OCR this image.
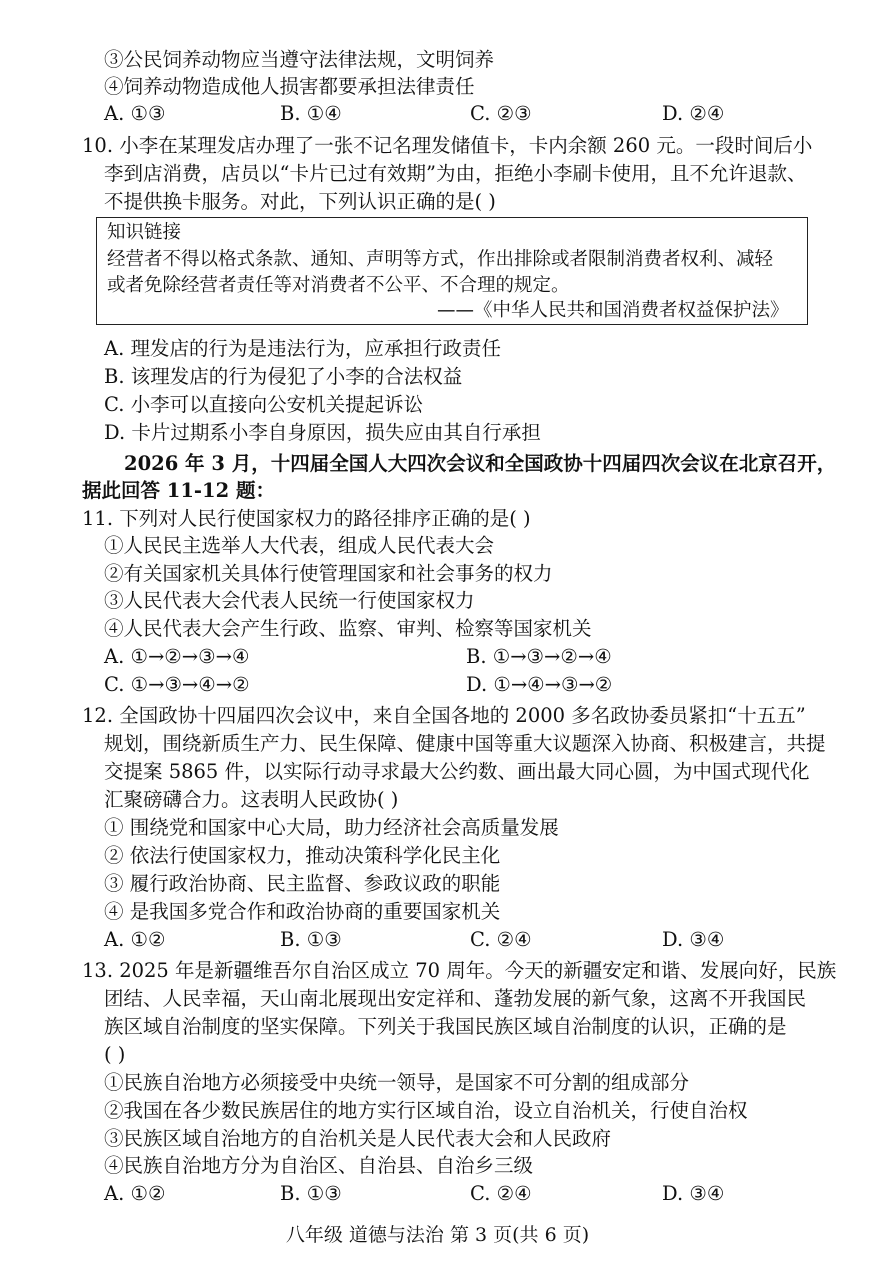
③公民饲养动物应当遵守法律法规，文明饲养
④饲养动物造成他人损害都要承担法律责任
A. ①③	B. ①④	C. ②③	D. ②④
10. 小李在某理发店办理了一张不记名理发储值卡，卡内余额 260 元。一段时间后小
李到店消费，店员以“卡片已过有效期”为由，拒绝小李刷卡使用，且不允许退款、
不提供换卡服务。对此，下列认识正确的是( )
知识链接
经营者不得以格式条款、通知、声明等方式，作出排除或者限制消费者权利、减轻
或者免除经营者责任等对消费者不公平、不合理的规定。
——《中华人民共和国消费者权益保护法》
A. 理发店的行为是违法行为，应承担行政责任
B. 该理发店的行为侵犯了小李的合法权益
C. 小李可以直接向公安机关提起诉讼
D. 卡片过期系小李自身原因，损失应由其自行承担
2026 年 3 月，十四届全国人大四次会议和全国政协十四届四次会议在北京召开，
据此回答 11-12 题：
11. 下列对人民行使国家权力的路径排序正确的是( )
①人民民主选举人大代表，组成人民代表大会
②有关国家机关具体行使管理国家和社会事务的权力
③人民代表大会代表人民统一行使国家权力
④人民代表大会产生行政、监察、审判、检察等国家机关
A. ①→②→③→④	B. ①→③→②→④
C. ①→③→④→②	D. ①→④→③→②
12. 全国政协十四届四次会议中，来自全国各地的 2000 多名政协委员紧扣“十五五”
规划，围绕新质生产力、民生保障、健康中国等重大议题深入协商、积极建言，共提
交提案 5865 件，以实际行动寻求最大公约数、画出最大同心圆，为中国式现代化
汇聚磅礴合力。这表明人民政协( )
① 围绕党和国家中心大局，助力经济社会高质量发展
② 依法行使国家权力，推动决策科学化民主化
③ 履行政治协商、民主监督、参政议政的职能
④ 是我国多党合作和政治协商的重要国家机关
A. ①②	B. ①③	C. ②④	D. ③④
13. 2025 年是新疆维吾尔自治区成立 70 周年。今天的新疆安定和谐、发展向好，民族
团结、人民幸福，天山南北展现出安定祥和、蓬勃发展的新气象，这离不开我国民
族区域自治制度的坚实保障。下列关于我国民族区域自治制度的认识，正确的是
( )
①民族自治地方必须接受中央统一领导，是国家不可分割的组成部分
②我国在各少数民族居住的地方实行区域自治，设立自治机关，行使自治权
③民族区域自治地方的自治机关是人民代表大会和人民政府
④民族自治地方分为自治区、自治县、自治乡三级
A. ①②	B. ①③	C. ②④	D. ③④
八年级 道德与法治 第 3 页(共 6 页)
